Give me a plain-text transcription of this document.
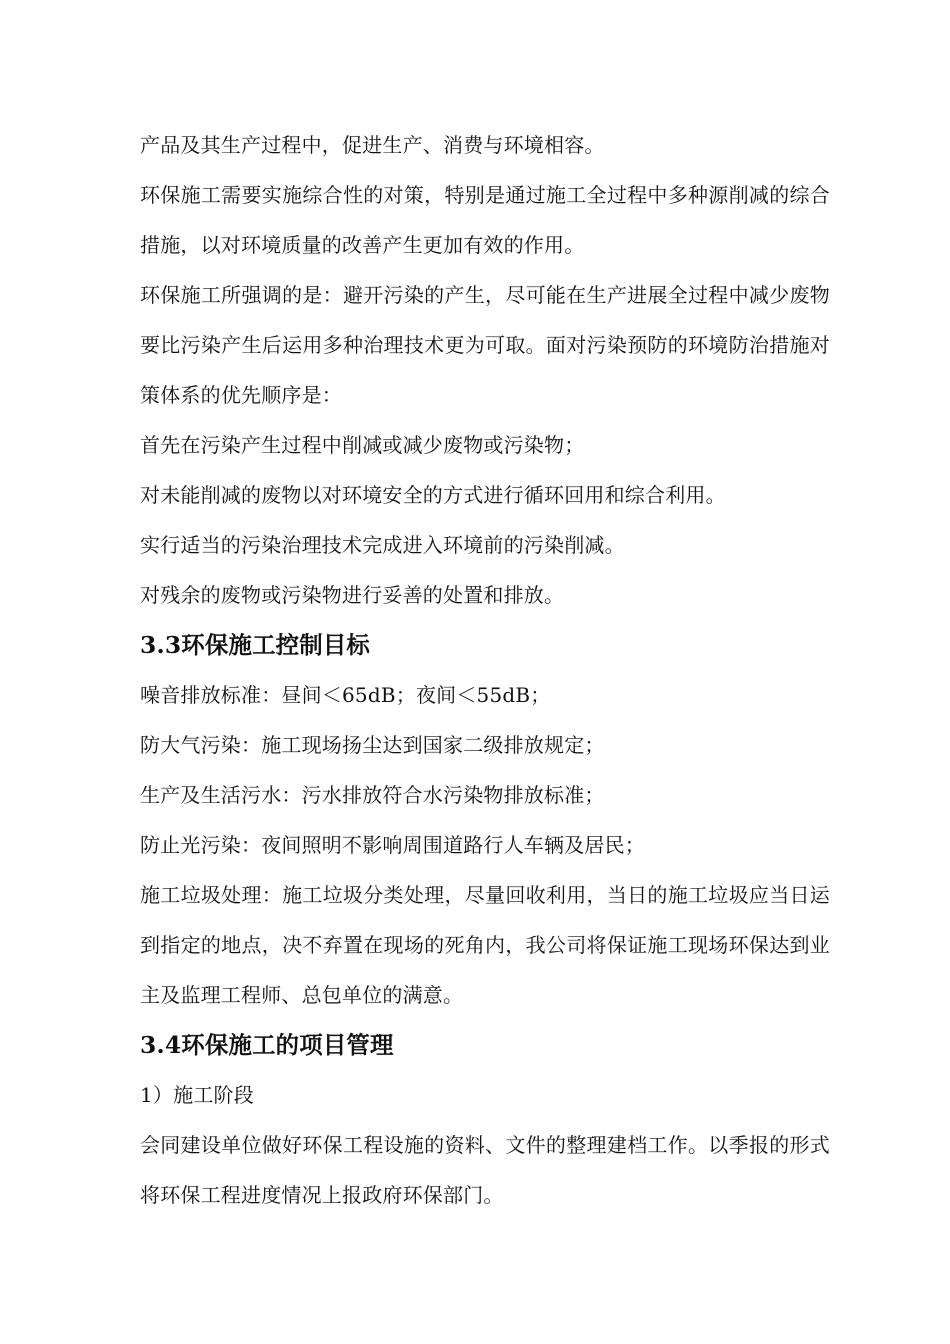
产品及其生产过程中，促进生产、消费与环境相容。

环保施工需要实施综合性的对策，特别是通过施工全过程中多种源削减的综合措施，以对环境质量的改善产生更加有效的作用。

环保施工所强调的是：避开污染的产生，尽可能在生产进展全过程中减少废物要比污染产生后运用多种治理技术更为可取。面对污染预防的环境防治措施对策体系的优先顺序是：

首先在污染产生过程中削减或减少废物或污染物；

对未能削减的废物以对环境安全的方式进行循环回用和综合利用。

实行适当的污染治理技术完成进入环境前的污染削减。

对残余的废物或污染物进行妥善的处置和排放。

3.3环保施工控制目标

噪音排放标准：昼间＜65dB；夜间＜55dB；

防大气污染：施工现场扬尘达到国家二级排放规定；

生产及生活污水：污水排放符合水污染物排放标准；

防止光污染：夜间照明不影响周围道路行人车辆及居民；

施工垃圾处理：施工垃圾分类处理，尽量回收利用，当日的施工垃圾应当日运到指定的地点，决不弃置在现场的死角内，我公司将保证施工现场环保达到业主及监理工程师、总包单位的满意。

3.4环保施工的项目管理

1）施工阶段

会同建设单位做好环保工程设施的资料、文件的整理建档工作。以季报的形式将环保工程进度情况上报政府环保部门。
